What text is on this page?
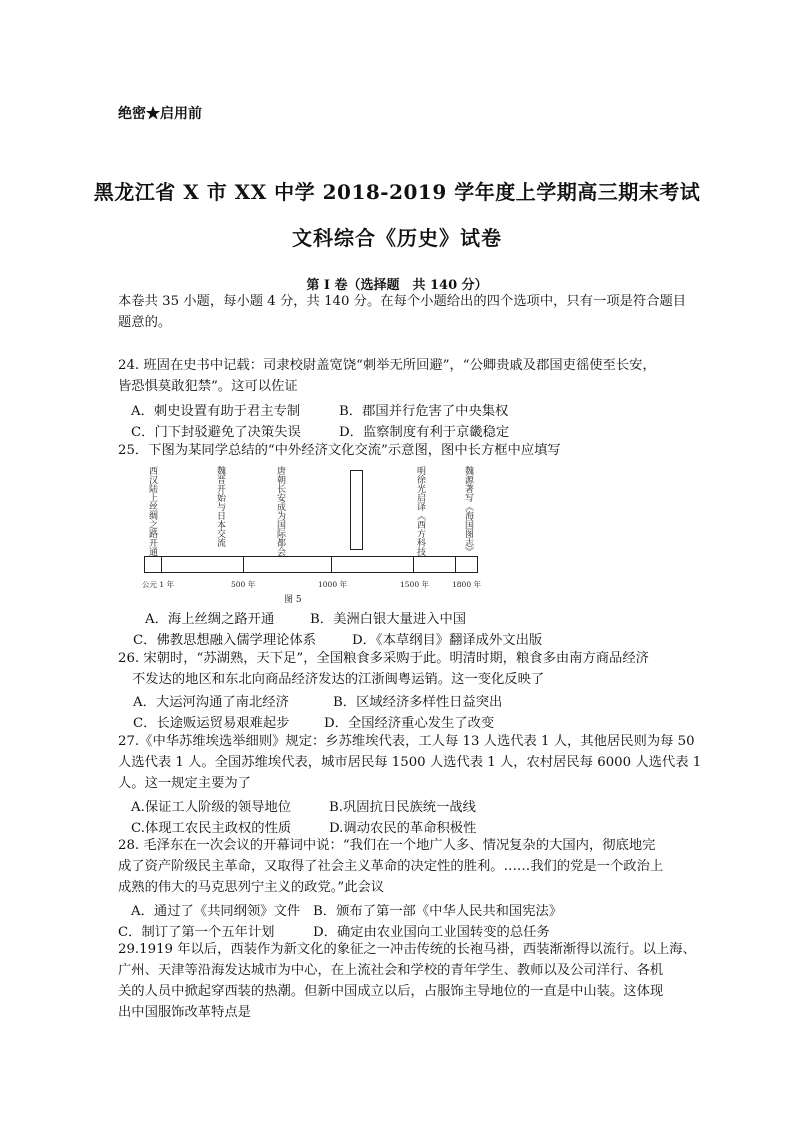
绝密★启用前
黑龙江省 X 市 XX 中学 2018-2019 学年度上学期高三期末考试
文科综合《历史》试卷
第 I 卷（选择题　共 140 分）
本卷共 35 小题，每小题 4 分，共 140 分。在每个小题给出的四个选项中，只有一项是符合题目
题意的。
24. 班固在史书中记载：司隶校尉盖宽饶“刺举无所回避”，“公卿贵戚及郡国吏徭使至长安，
皆恐惧莫敢犯禁”。这可以佐证
A．刺史设置有助于君主专制	B．郡国并行危害了中央集权
C．门下封驳避免了决策失误	D．监察制度有利于京畿稳定
25．下图为某同学总结的“中外经济文化交流”示意图，图中长方框中应填写
西汉陆上丝绸之路开通	魏晋开始与日本交流	唐朝长安成为国际都会	明徐光启译《西方科技	魏源著写《海国图志》
公元 1 年	500 年	1000 年	1500 年	1800 年
图 5
A．海上丝绸之路开通	B．美洲白银大量进入中国
C．佛教思想融入儒学理论体系	D．《本草纲目》翻译成外文出版
26. 宋朝时，“苏湖熟，天下足”，全国粮食多采购于此。明清时期，粮食多由南方商品经济
不发达的地区和东北向商品经济发达的江浙闽粤运销。这一变化反映了
A．大运河沟通了南北经济	B．区域经济多样性日益突出
C．长途贩运贸易艰难起步	D．全国经济重心发生了改变
27.《中华苏维埃选举细则》规定：乡苏维埃代表，工人每 13 人选代表 1 人，其他居民则为每 50
人选代表 1 人。全国苏维埃代表，城市居民每 1500 人选代表 1 人，农村居民每 6000 人选代表 1
人。这一规定主要为了
A.保证工人阶级的领导地位	B.巩固抗日民族统一战线
C.体现工农民主政权的性质	D.调动农民的革命积极性
28. 毛泽东在一次会议的开幕词中说：“我们在一个地广人多、情况复杂的大国内，彻底地完
成了资产阶级民主革命，又取得了社会主义革命的决定性的胜利。……我们的党是一个政治上
成熟的伟大的马克思列宁主义的政党。”此会议
A．通过了《共同纲领》文件 B．颁布了第一部《中华人民共和国宪法》
C．制订了第一个五年计划	D．确定由农业国向工业国转变的总任务
29.1919 年以后，西装作为新文化的象征之一冲击传统的长袍马褂，西装渐渐得以流行。以上海、
广州、天津等沿海发达城市为中心，在上流社会和学校的青年学生、教师以及公司洋行、各机
关的人员中掀起穿西装的热潮。但新中国成立以后，占服饰主导地位的一直是中山装。这体现
出中国服饰改革特点是
